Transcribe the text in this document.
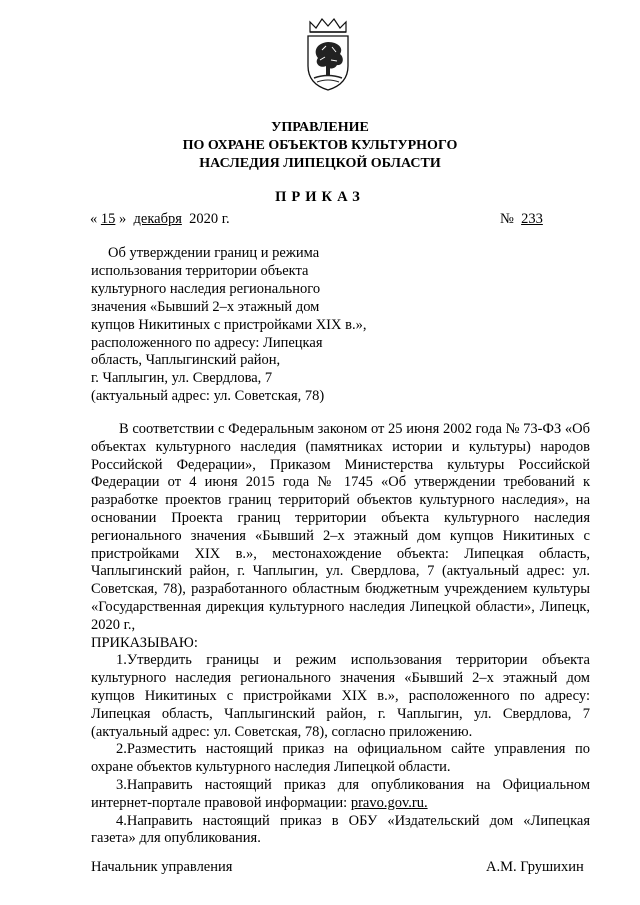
УПРАВЛЕНИЕ
ПО ОХРАНЕ ОБЪЕКТОВ КУЛЬТУРНОГО
НАСЛЕДИЯ ЛИПЕЦКОЙ ОБЛАСТИ
ПРИКАЗ
« 15 » декабря 2020 г.	№ 233
Об утверждении границ и режима
использования территории объекта
культурного наследия регионального
значения «Бывший 2–х этажный дом
купцов Никитиных с пристройками XIX в.»,
расположенного по адресу: Липецкая
область, Чаплыгинский район,
г. Чаплыгин, ул. Свердлова, 7
(актуальный адрес: ул. Советская, 78)

В соответствии с Федеральным законом от 25 июня 2002 года № 73-ФЗ «Об объектах культурного наследия (памятниках истории и культуры) народов Российской Федерации», Приказом Министерства культуры Российской Федерации от 4 июня 2015 года № 1745 «Об утверждении требований к разработке проектов границ территорий объектов культурного наследия», на основании Проекта границ территории объекта культурного наследия регионального значения «Бывший 2–х этажный дом купцов Никитиных с пристройками XIX в.», местонахождение объекта: Липецкая область, Чаплыгинский район, г. Чаплыгин, ул. Свердлова, 7 (актуальный адрес: ул. Советская, 78), разработанного областным бюджетным учреждением культуры «Государственная дирекция культурного наследия Липецкой области», Липецк, 2020 г.,

ПРИКАЗЫВАЮ:

1.Утвердить границы и режим использования территории объекта культурного наследия регионального значения «Бывший 2–х этажный дом купцов Никитиных с пристройками XIX в.», расположенного по адресу: Липецкая область, Чаплыгинский район, г. Чаплыгин, ул. Свердлова, 7 (актуальный адрес: ул. Советская, 78), согласно приложению.

2.Разместить настоящий приказ на официальном сайте управления по охране объектов культурного наследия Липецкой области.

3.Направить настоящий приказ для опубликования на Официальном интернет-портале правовой информации: pravo.gov.ru.

4.Направить настоящий приказ в ОБУ «Издательский дом «Липецкая газета» для опубликования.

Начальник управления	А.М. Грушихин
